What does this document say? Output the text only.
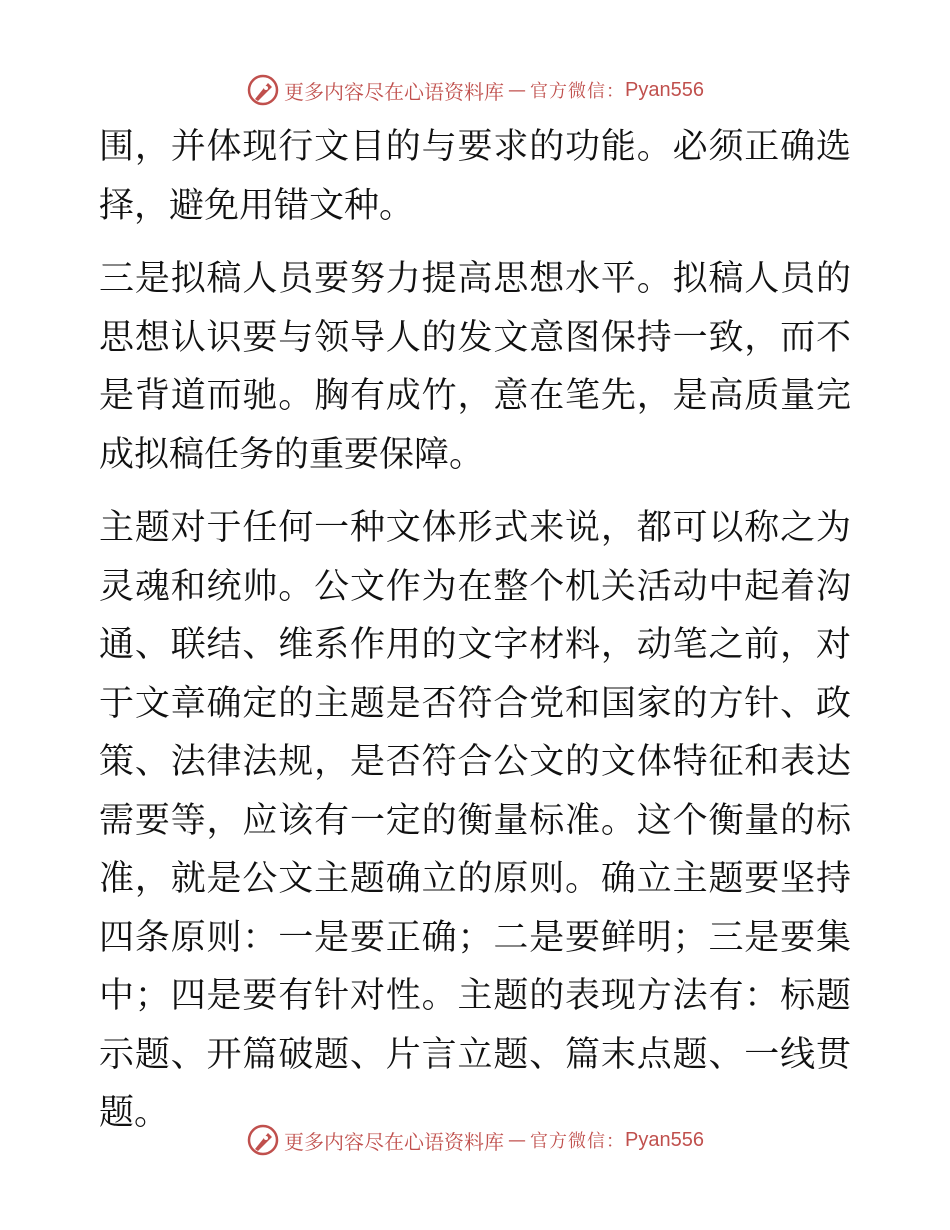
更多内容尽在心语资料库 — 官方微信： Pyan556

围，并体现行文目的与要求的功能。必须正确选择，避免用错文种。

三是拟稿人员要努力提高思想水平。拟稿人员的思想认识要与领导人的发文意图保持一致，而不是背道而驰。胸有成竹，意在笔先，是高质量完成拟稿任务的重要保障。

主题对于任何一种文体形式来说，都可以称之为灵魂和统帅。公文作为在整个机关活动中起着沟通、联结、维系作用的文字材料，动笔之前，对于文章确定的主题是否符合党和国家的方针、政策、法律法规，是否符合公文的文体特征和表达需要等，应该有一定的衡量标准。这个衡量的标准，就是公文主题确立的原则。确立主题要坚持四条原则：一是要正确；二是要鲜明；三是要集中；四是要有针对性。主题的表现方法有：标题示题、开篇破题、片言立题、篇末点题、一线贯题。

更多内容尽在心语资料库 — 官方微信： Pyan556
